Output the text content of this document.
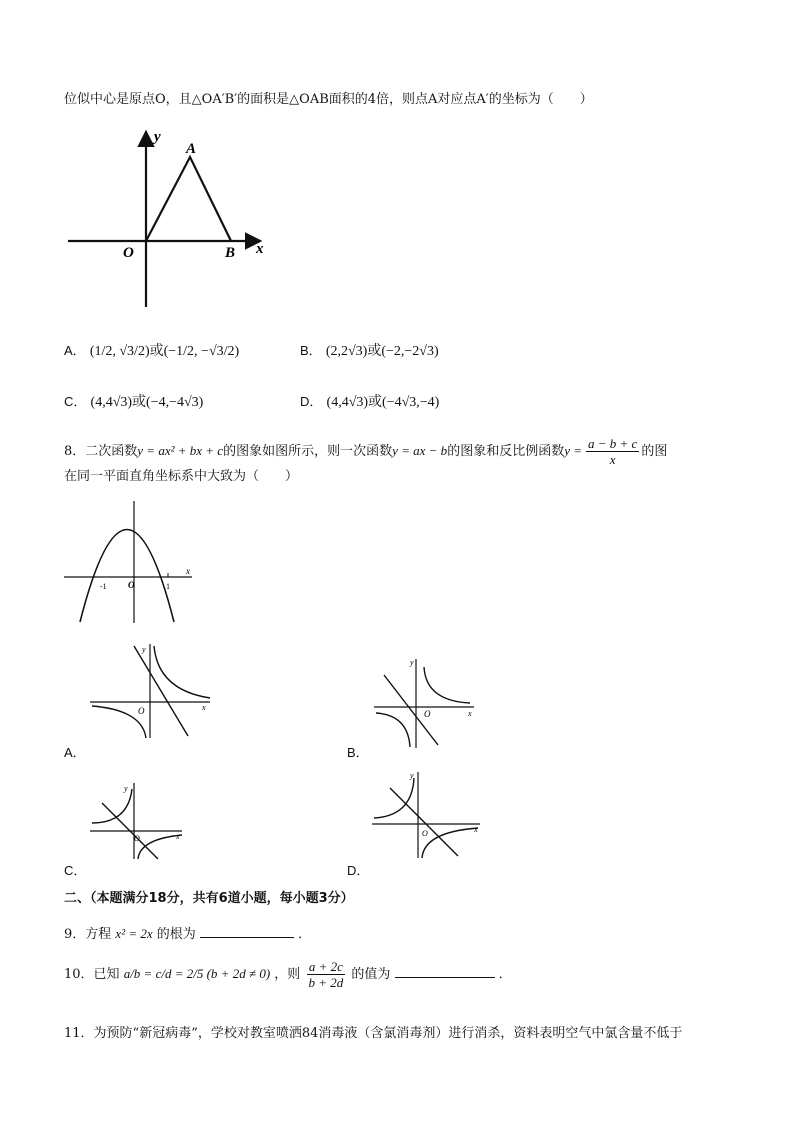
位似中心是原点O，且△OA′B′的面积是△OAB面积的4倍，则点A对应点A′的坐标为（　　）
y
A
O	B x
A． (1/2, √3/2)或(−1/2, −√3/2)	B． (2,2√3)或(−2,−2√3)
C． (4,4√3)或(−4,−4√3)	D． (4,4√3)或(−4√3,−4)
8．二次函数y = ax² + bx + c的图象如图所示，则一次函数y = ax − b的图象和反比例函数$y = \frac{a - b + c}{x}$ 的图
在同一平面直角坐标系中大致为（　　）
-1	1
O
x
y
O	x
A．
y
O	x
B．
y
O	x
C．
y
O	x
D．
二、（本题满分18分，共有6道小题，每小题3分）
9．方程 x² = 2x 的根为	．
10．已知 a/b = c/d = 2/5 (b + 2d ≠ 0) ，则 $\frac{a + 2c}{b + 2d}$ 的值为	．
11．为预防“新冠病毒”，学校对教室喷洒84消毒液（含氯消毒剂）进行消杀，资料表明空气中氯含量不低于
